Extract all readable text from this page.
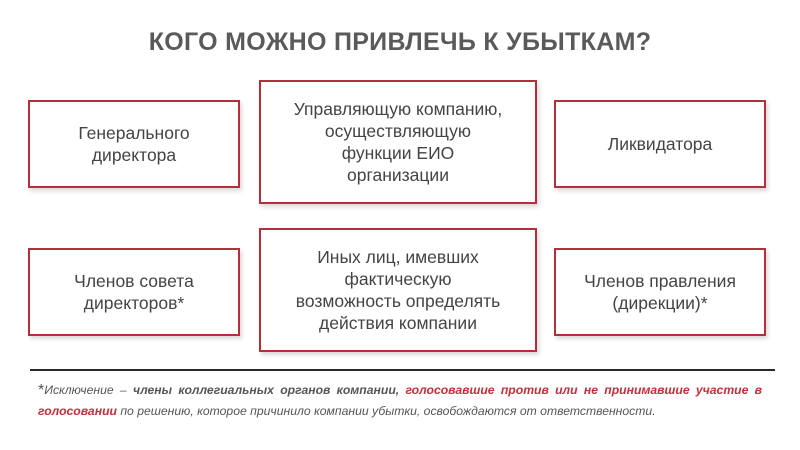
КОГО МОЖНО ПРИВЛЕЧЬ К УБЫТКАМ?
Генерального
директора
Управляющую компанию,
осуществляющую
функции ЕИО
организации
Ликвидатора
Членов совета
директоров*
Иных лиц, имевших
фактическую
возможность определять
действия компании
Членов правления
(дирекции)*
*Исключение – члены коллегиальных органов компании, голосовавшие против или не принимавшие участие в голосовании по решению, которое причинило компании убытки, освобождаются от ответственности.
